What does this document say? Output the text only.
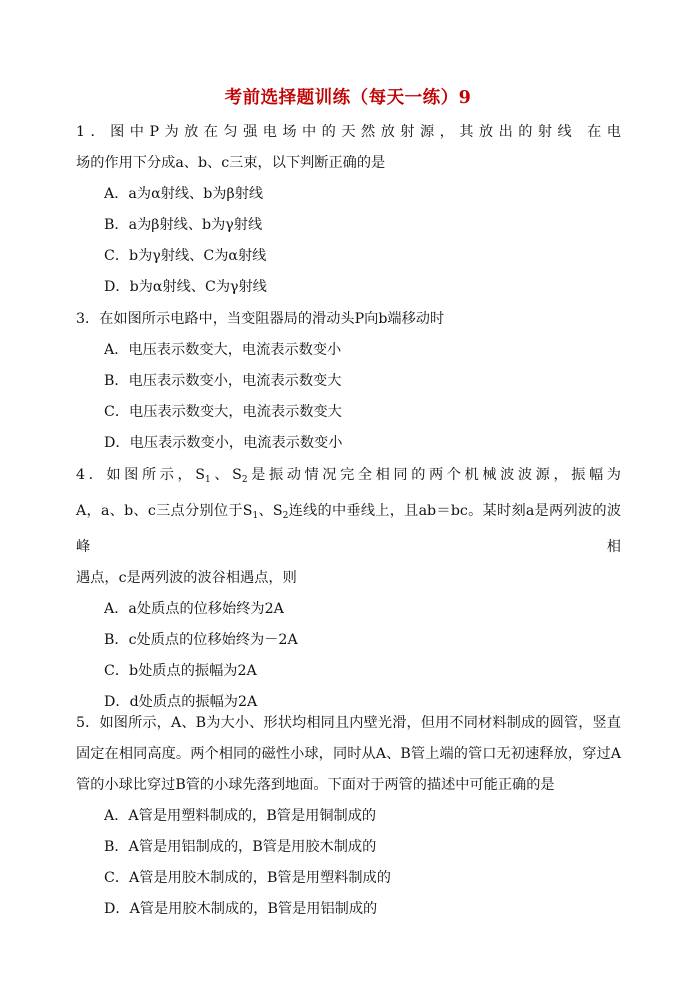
考前选择题训练（每天一练）9
1．图中P为放在匀强电场中的天然放射源，其放出的射线 在电
场的作用下分成a、b、c三束，以下判断正确的是
A．a为α射线、b为β射线
B．a为β射线、b为γ射线
C．b为γ射线、C为α射线
D．b为α射线、C为γ射线
3．在如图所示电路中，当变阻器局的滑动头P向b端移动时
A．电压表示数变大，电流表示数变小
B．电压表示数变小，电流表示数变大
C．电压表示数变大，电流表示数变大
D．电压表示数变小，电流表示数变小
4．如图所示，$S_1$、$S_2$是振动情况完全相同的两个机械波波源，振幅为
A，a、b、c三点分别位于$S_1$、$S_2$连线的中垂线上，且ab＝bc。某时刻a是两列波的波峰相
遇点，c是两列波的波谷相遇点，则
A．a处质点的位移始终为2A
B．c处质点的位移始终为－2A
C．b处质点的振幅为2A
D．d处质点的振幅为2A
5．如图所示，A、B为大小、形状均相同且内壁光滑，但用不同材料制成的圆管，竖直
固定在相同高度。两个相同的磁性小球，同时从A、B管上端的管口无初速释放，穿过A
管的小球比穿过B管的小球先落到地面。下面对于两管的描述中可能正确的是
A．A管是用塑料制成的，B管是用铜制成的
B．A管是用铝制成的，B管是用胶木制成的
C．A管是用胶木制成的，B管是用塑料制成的
D．A管是用胶木制成的，B管是用铝制成的
